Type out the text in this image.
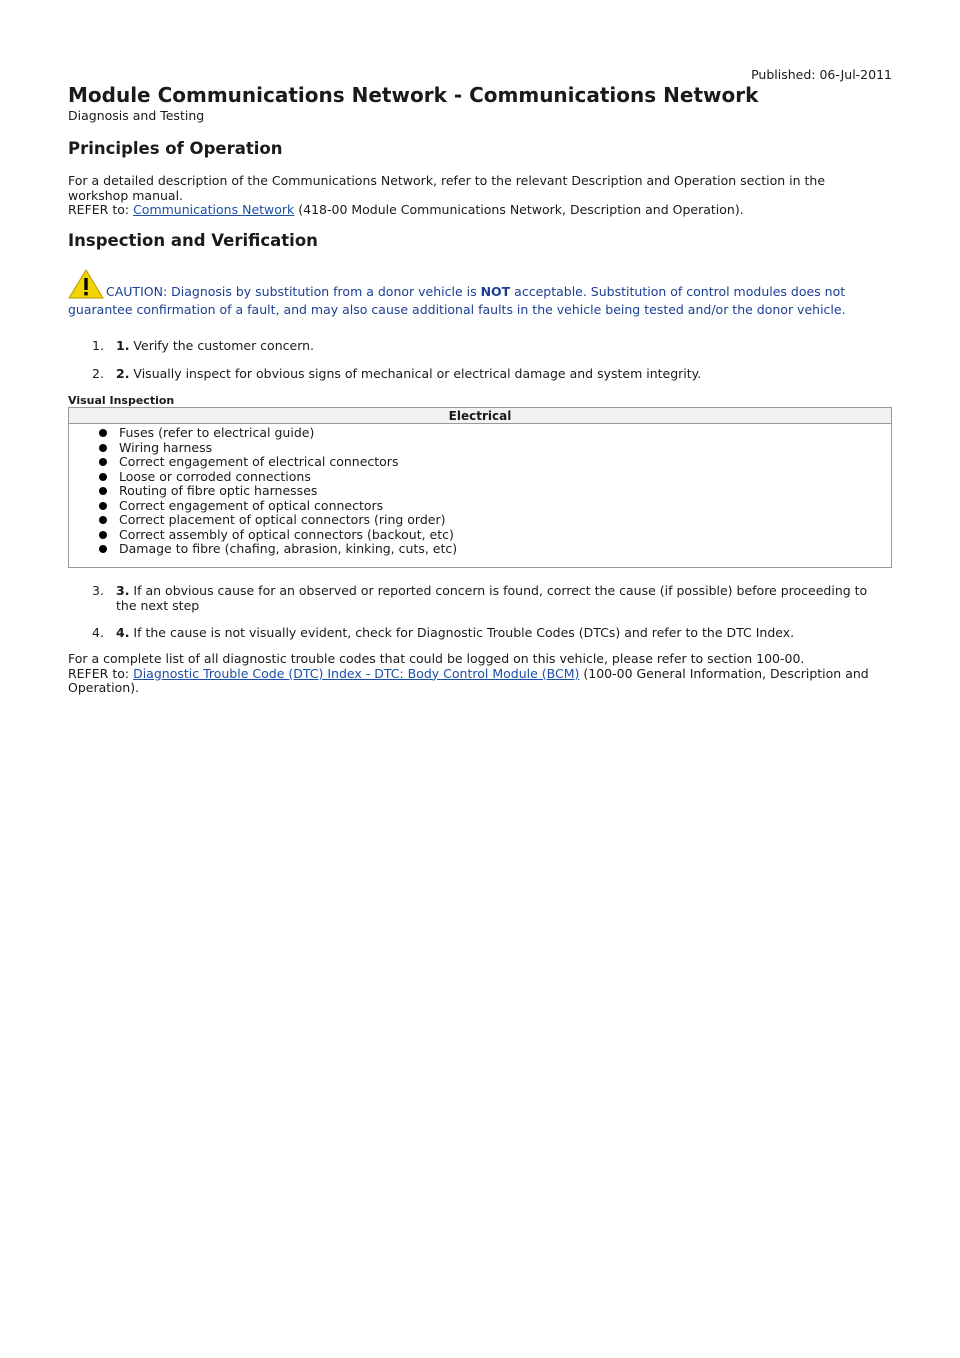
Published: 06-Jul-2011
Module Communications Network - Communications Network
Diagnosis and Testing
Principles of Operation
For a detailed description of the Communications Network, refer to the relevant Description and Operation section in the workshop manual.
REFER to: Communications Network (418-00 Module Communications Network, Description and Operation).
Inspection and Verification
CAUTION: Diagnosis by substitution from a donor vehicle is NOT acceptable. Substitution of control modules does not guarantee confirmation of a fault, and may also cause additional faults in the vehicle being tested and/or the donor vehicle.
1. 1. Verify the customer concern.
2. 2. Visually inspect for obvious signs of mechanical or electrical damage and system integrity.
Visual Inspection
Electrical

Fuses (refer to electrical guide)
Wiring harness
Correct engagement of electrical connectors
Loose or corroded connections
Routing of fibre optic harnesses
Correct engagement of optical connectors
Correct placement of optical connectors (ring order)
Correct assembly of optical connectors (backout, etc)
Damage to fibre (chafing, abrasion, kinking, cuts, etc)
3. 3. If an obvious cause for an observed or reported concern is found, correct the cause (if possible) before proceeding to the next step
4. 4. If the cause is not visually evident, check for Diagnostic Trouble Codes (DTCs) and refer to the DTC Index.
For a complete list of all diagnostic trouble codes that could be logged on this vehicle, please refer to section 100-00.
REFER to: Diagnostic Trouble Code (DTC) Index - DTC: Body Control Module (BCM) (100-00 General Information, Description and Operation).
